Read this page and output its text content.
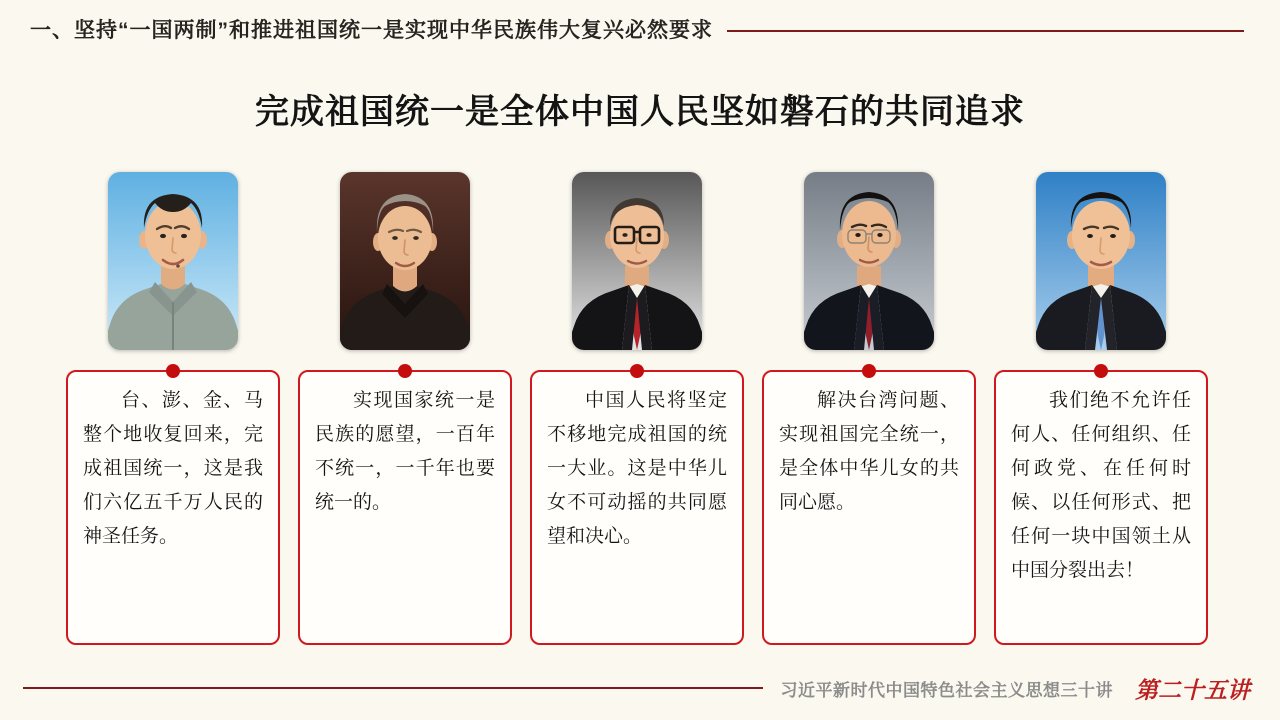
一、坚持“一国两制”和推进祖国统一是实现中华民族伟大复兴必然要求
完成祖国统一是全体中国人民坚如磐石的共同追求
台、澎、金、马整个地收复回来，完成祖国统一，这是我们六亿五千万人民的神圣任务。
实现国家统一是民族的愿望，一百年不统一，一千年也要统一的。
中国人民将坚定不移地完成祖国的统一大业。这是中华儿女不可动摇的共同愿望和决心。
解决台湾问题、实现祖国完全统一，是全体中华儿女的共同心愿。
我们绝不允许任何人、任何组织、任何政党、在任何时候、以任何形式、把任何一块中国领土从中国分裂出去！
习近平新时代中国特色社会主义思想三十讲 第二十五讲
